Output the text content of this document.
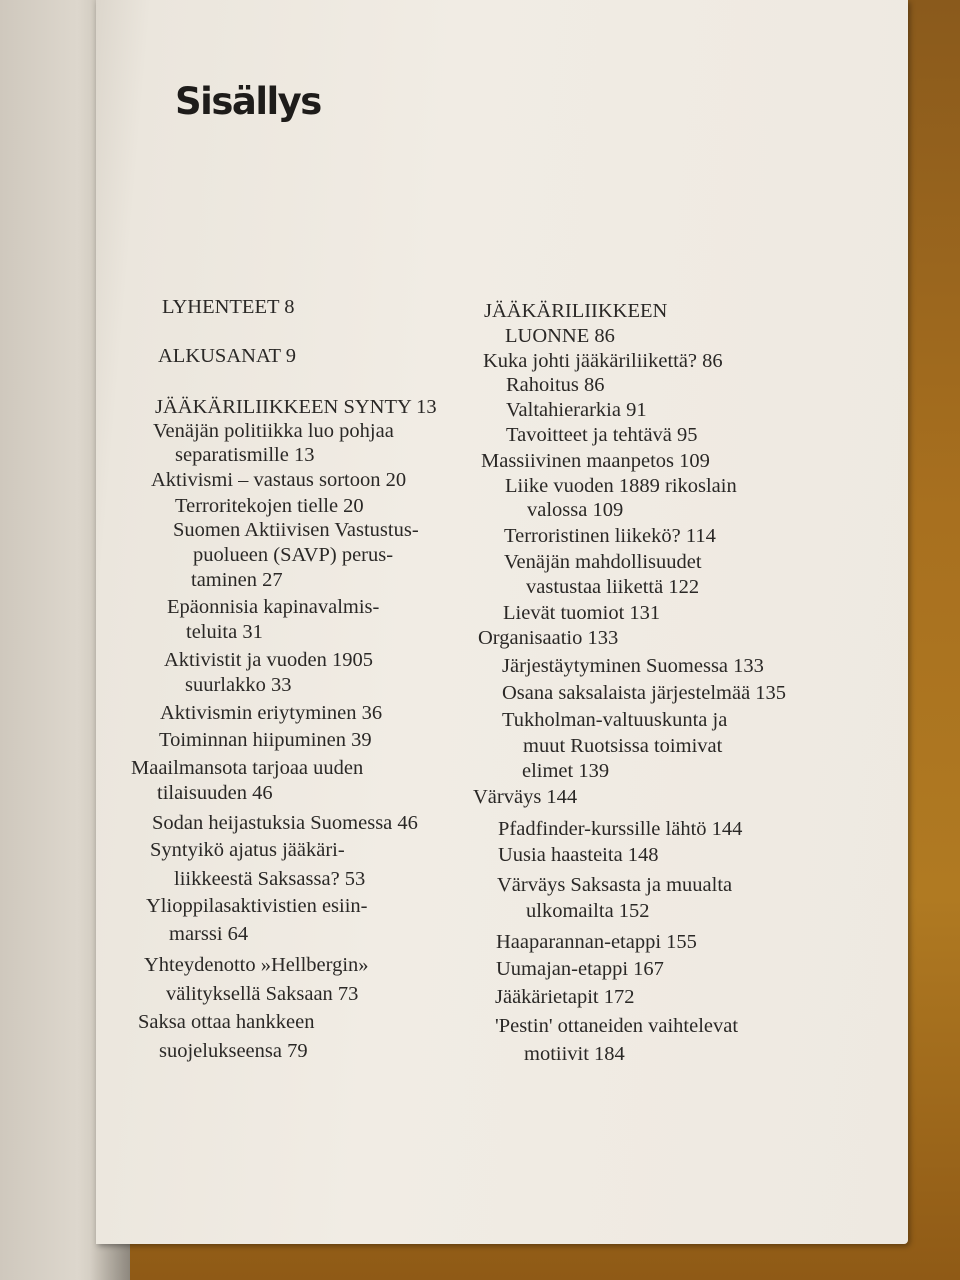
Sisällys
LYHENTEET 8
ALKUSANAT 9
JÄÄKÄRILIIKKEEN SYNTY 13
Venäjän politiikka luo pohjaa
separatismille 13
Aktivismi – vastaus sortoon 20
Terroritekojen tielle 20
Suomen Aktiivisen Vastustus-
puolueen (SAVP) perus-
taminen 27
Epäonnisia kapinavalmis-
teluita 31
Aktivistit ja vuoden 1905
suurlakko 33
Aktivismin eriytyminen 36
Toiminnan hiipuminen 39
Maailmansota tarjoaa uuden
tilaisuuden 46
Sodan heijastuksia Suomessa 46
Syntyikö ajatus jääkäri-
liikkeestä Saksassa? 53
Ylioppilasaktivistien esiin-
marssi 64
Yhteydenotto »Hellbergin»
välityksellä Saksaan 73
Saksa ottaa hankkeen
suojelukseensa 79
JÄÄKÄRILIIKKEEN
LUONNE 86
Kuka johti jääkäriliikettä? 86
Rahoitus 86
Valtahierarkia 91
Tavoitteet ja tehtävä 95
Massiivinen maanpetos 109
Liike vuoden 1889 rikoslain
valossa 109
Terroristinen liikekö? 114
Venäjän mahdollisuudet
vastustaa liikettä 122
Lievät tuomiot 131
Organisaatio 133
Järjestäytyminen Suomessa 133
Osana saksalaista järjestelmää 135
Tukholman-valtuuskunta ja
muut Ruotsissa toimivat
elimet 139
Värväys 144
Pfadfinder-kurssille lähtö 144
Uusia haasteita 148
Värväys Saksasta ja muualta
ulkomailta 152
Haaparannan-etappi 155
Uumajan-etappi 167
Jääkärietapit 172
'Pestin' ottaneiden vaihtelevat
motiivit 184
